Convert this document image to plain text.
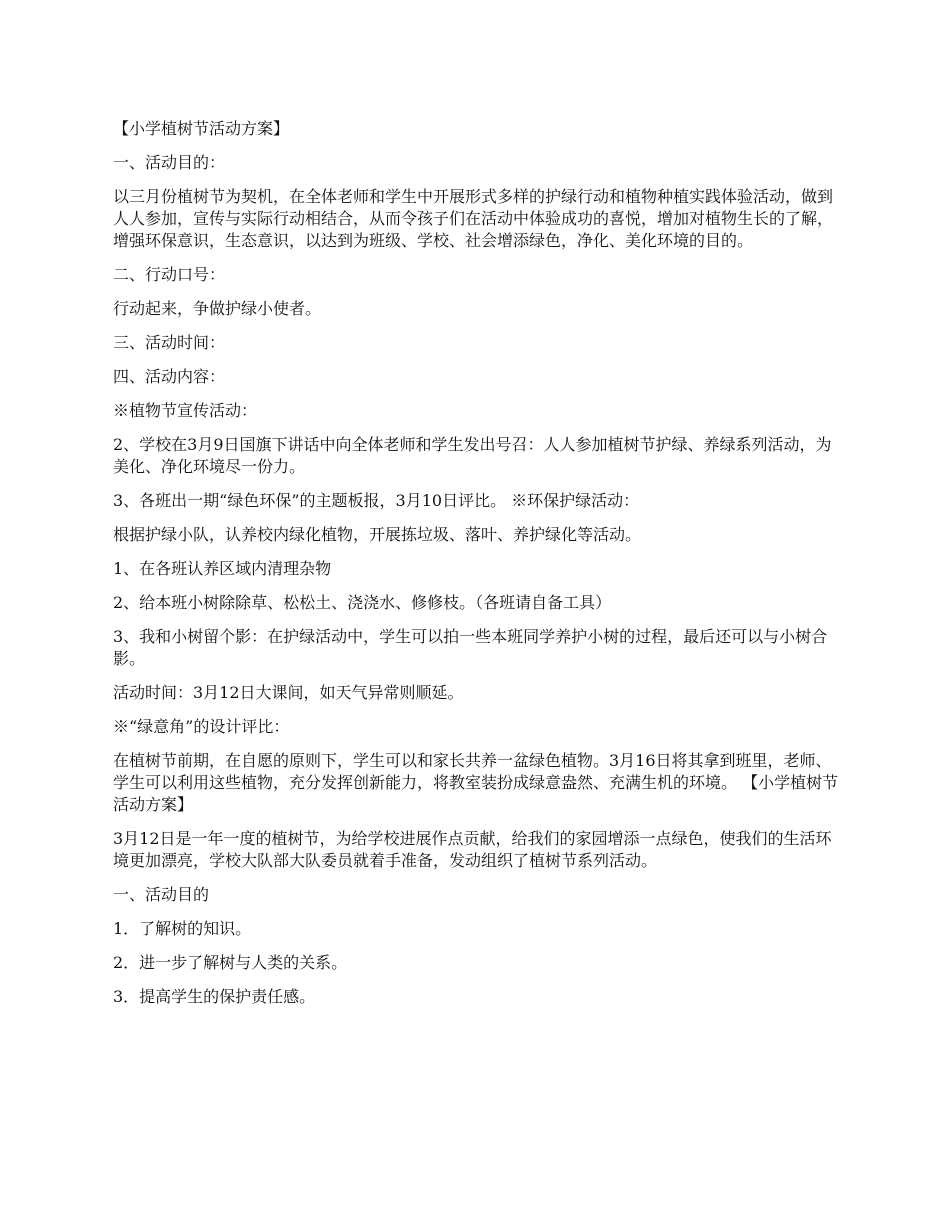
【小学植树节活动方案】

一、活动目的：

以三月份植树节为契机，在全体老师和学生中开展形式多样的护绿行动和植物种植实践体验活动，做到人人参加，宣传与实际行动相结合，从而令孩子们在活动中体验成功的喜悦，增加对植物生长的了解，增强环保意识，生态意识，以达到为班级、学校、社会增添绿色，净化、美化环境的目的。

二、行动口号：

行动起来，争做护绿小使者。

三、活动时间：

四、活动内容：

※植物节宣传活动：

2、学校在3月9日国旗下讲话中向全体老师和学生发出号召：人人参加植树节护绿、养绿系列活动，为美化、净化环境尽一份力。

3、各班出一期“绿色环保”的主题板报，3月10日评比。 ※环保护绿活动：

根据护绿小队，认养校内绿化植物，开展拣垃圾、落叶、养护绿化等活动。

1、在各班认养区域内清理杂物

2、给本班小树除除草、松松土、浇浇水、修修枝。（各班请自备工具）

3、我和小树留个影：在护绿活动中，学生可以拍一些本班同学养护小树的过程，最后还可以与小树合影。

活动时间：3月12日大课间，如天气异常则顺延。

※“绿意角”的设计评比：

在植树节前期，在自愿的原则下，学生可以和家长共养一盆绿色植物。3月16日将其拿到班里，老师、学生可以利用这些植物，充分发挥创新能力，将教室装扮成绿意盎然、充满生机的环境。 【小学植树节活动方案】

3月12日是一年一度的植树节，为给学校进展作点贡献，给我们的家园增添一点绿色，使我们的生活环境更加漂亮，学校大队部大队委员就着手准备，发动组织了植树节系列活动。

一、活动目的

1．了解树的知识。

2．进一步了解树与人类的关系。

3．提高学生的保护责任感。
